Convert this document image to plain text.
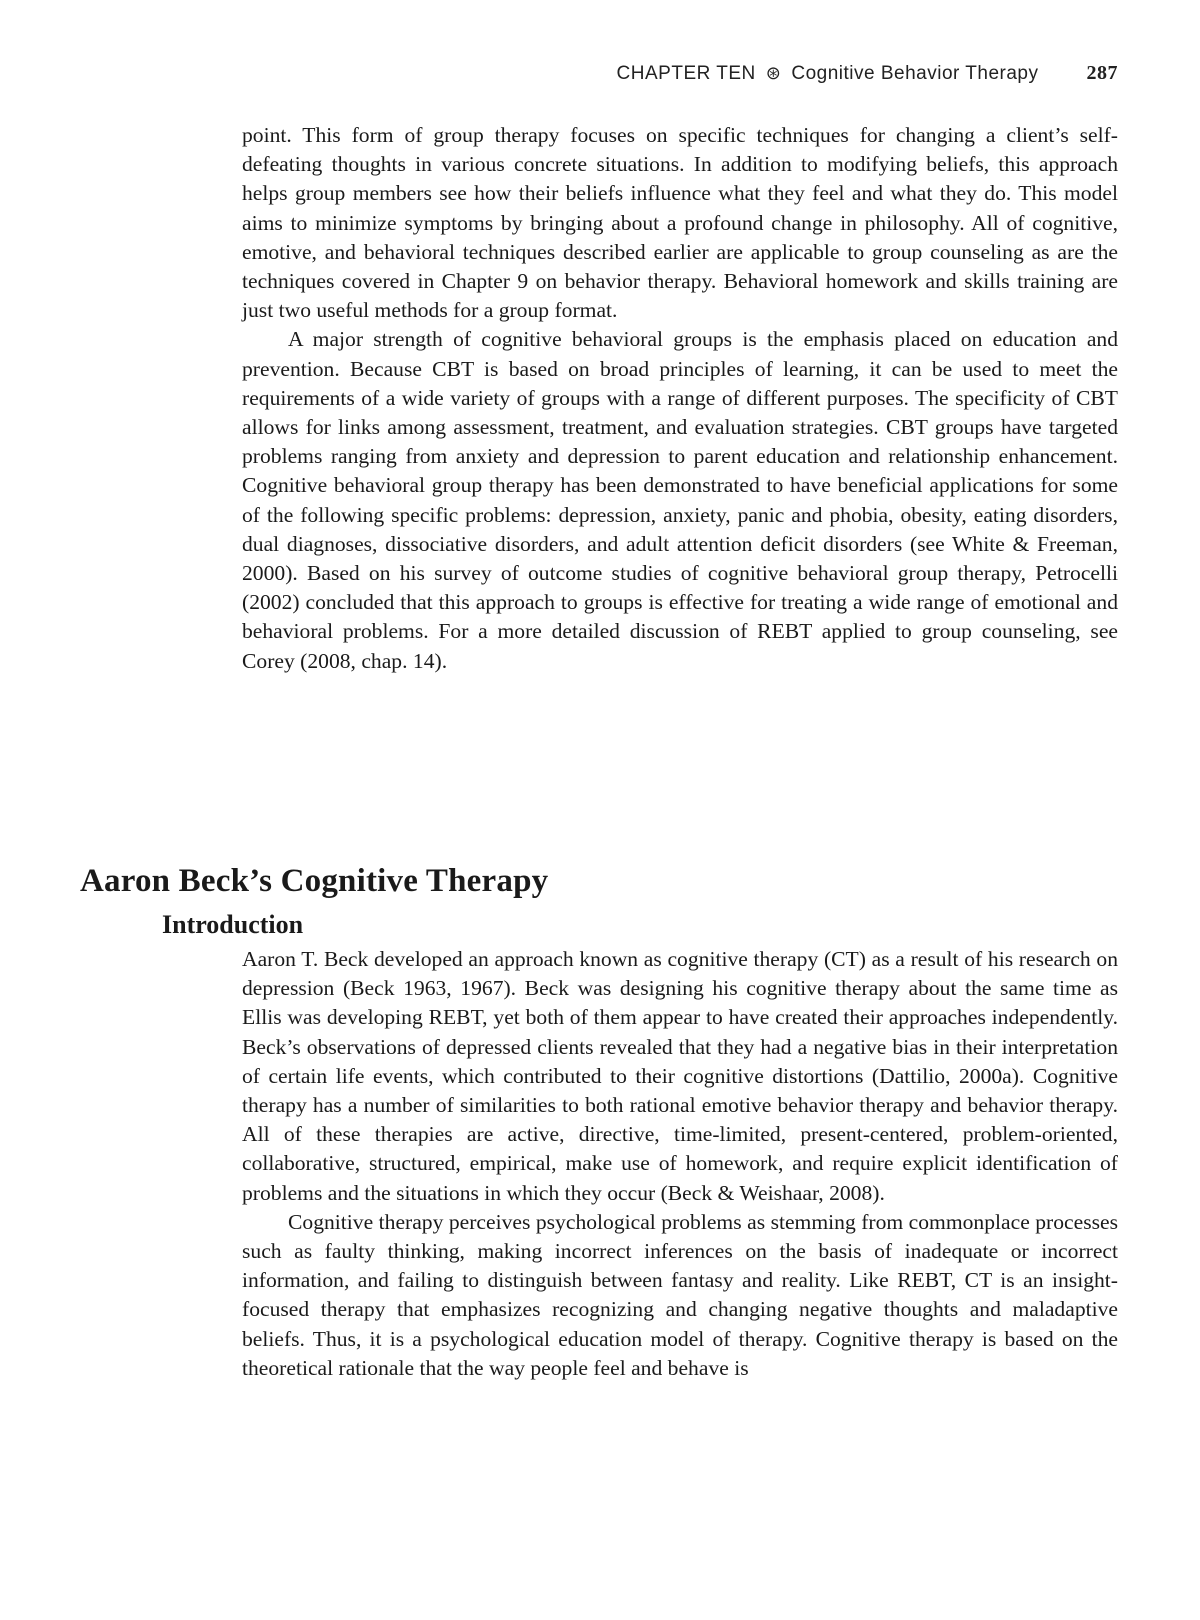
CHAPTER TEN ⊛ Cognitive Behavior Therapy 287

point. This form of group therapy focuses on specific techniques for changing a client’s self-defeating thoughts in various concrete situations. In addition to modifying beliefs, this approach helps group members see how their beliefs influence what they feel and what they do. This model aims to minimize symptoms by bringing about a profound change in philosophy. All of cognitive, emotive, and behavioral techniques described earlier are applicable to group counseling as are the techniques covered in Chapter 9 on behavior therapy. Behavioral homework and skills training are just two useful methods for a group format.

A major strength of cognitive behavioral groups is the emphasis placed on education and prevention. Because CBT is based on broad principles of learning, it can be used to meet the requirements of a wide variety of groups with a range of different purposes. The specificity of CBT allows for links among assessment, treatment, and evaluation strategies. CBT groups have targeted problems ranging from anxiety and depression to parent education and relationship enhancement. Cognitive behavioral group therapy has been demonstrated to have beneficial applications for some of the following specific problems: depression, anxiety, panic and phobia, obesity, eating disorders, dual diagnoses, dissociative disorders, and adult attention deficit disorders (see White & Freeman, 2000). Based on his survey of outcome studies of cognitive behavioral group therapy, Petrocelli (2002) concluded that this approach to groups is effective for treating a wide range of emotional and behavioral problems. For a more detailed discussion of REBT applied to group counseling, see Corey (2008, chap. 14).

Aaron Beck’s Cognitive Therapy
Introduction

Aaron T. Beck developed an approach known as cognitive therapy (CT) as a result of his research on depression (Beck 1963, 1967). Beck was designing his cognitive therapy about the same time as Ellis was developing REBT, yet both of them appear to have created their approaches independently. Beck’s observations of depressed clients revealed that they had a negative bias in their interpretation of certain life events, which contributed to their cognitive distortions (Dattilio, 2000a). Cognitive therapy has a number of similarities to both rational emotive behavior therapy and behavior therapy. All of these therapies are active, directive, time-limited, present-centered, problem-oriented, collaborative, structured, empirical, make use of homework, and require explicit identification of problems and the situations in which they occur (Beck & Weishaar, 2008).

Cognitive therapy perceives psychological problems as stemming from commonplace processes such as faulty thinking, making incorrect inferences on the basis of inadequate or incorrect information, and failing to distinguish between fantasy and reality. Like REBT, CT is an insight-focused therapy that emphasizes recognizing and changing negative thoughts and maladaptive beliefs. Thus, it is a psychological education model of therapy. Cognitive therapy is based on the theoretical rationale that the way people feel and behave is
